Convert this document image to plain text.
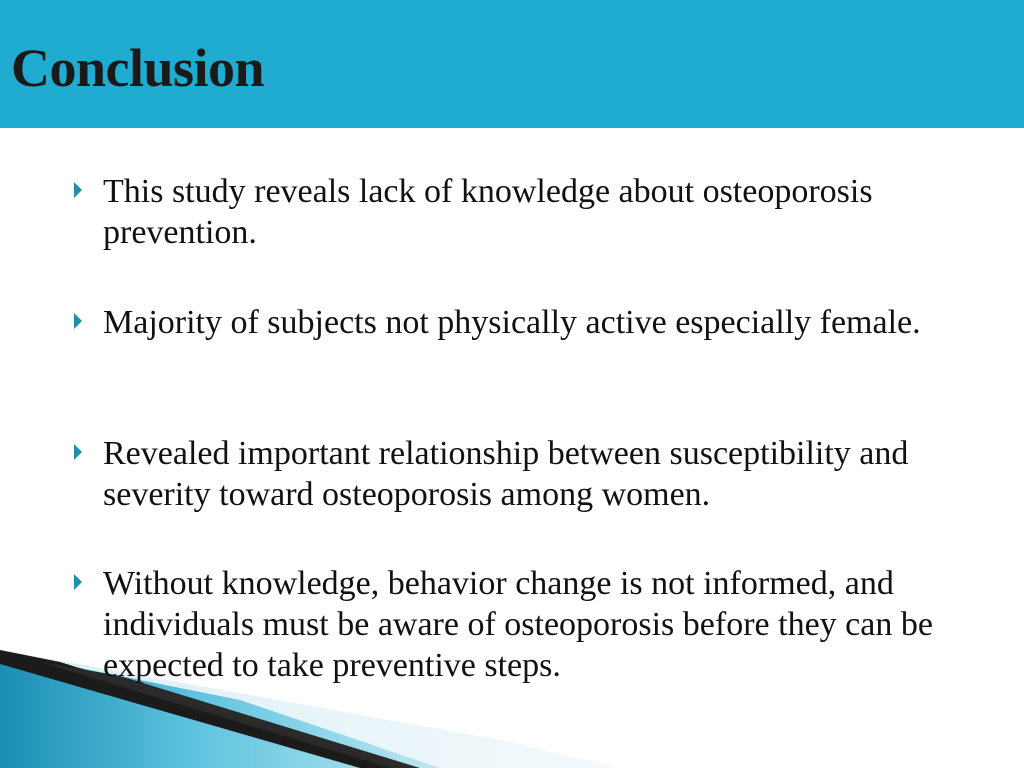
Conclusion
This study reveals lack of knowledge about osteoporosis prevention.
Majority of subjects not physically active especially female.
Revealed important relationship between susceptibility and severity toward osteoporosis among women.
Without knowledge, behavior change is not informed, and individuals must be aware of osteoporosis before they can be expected to take preventive steps.
